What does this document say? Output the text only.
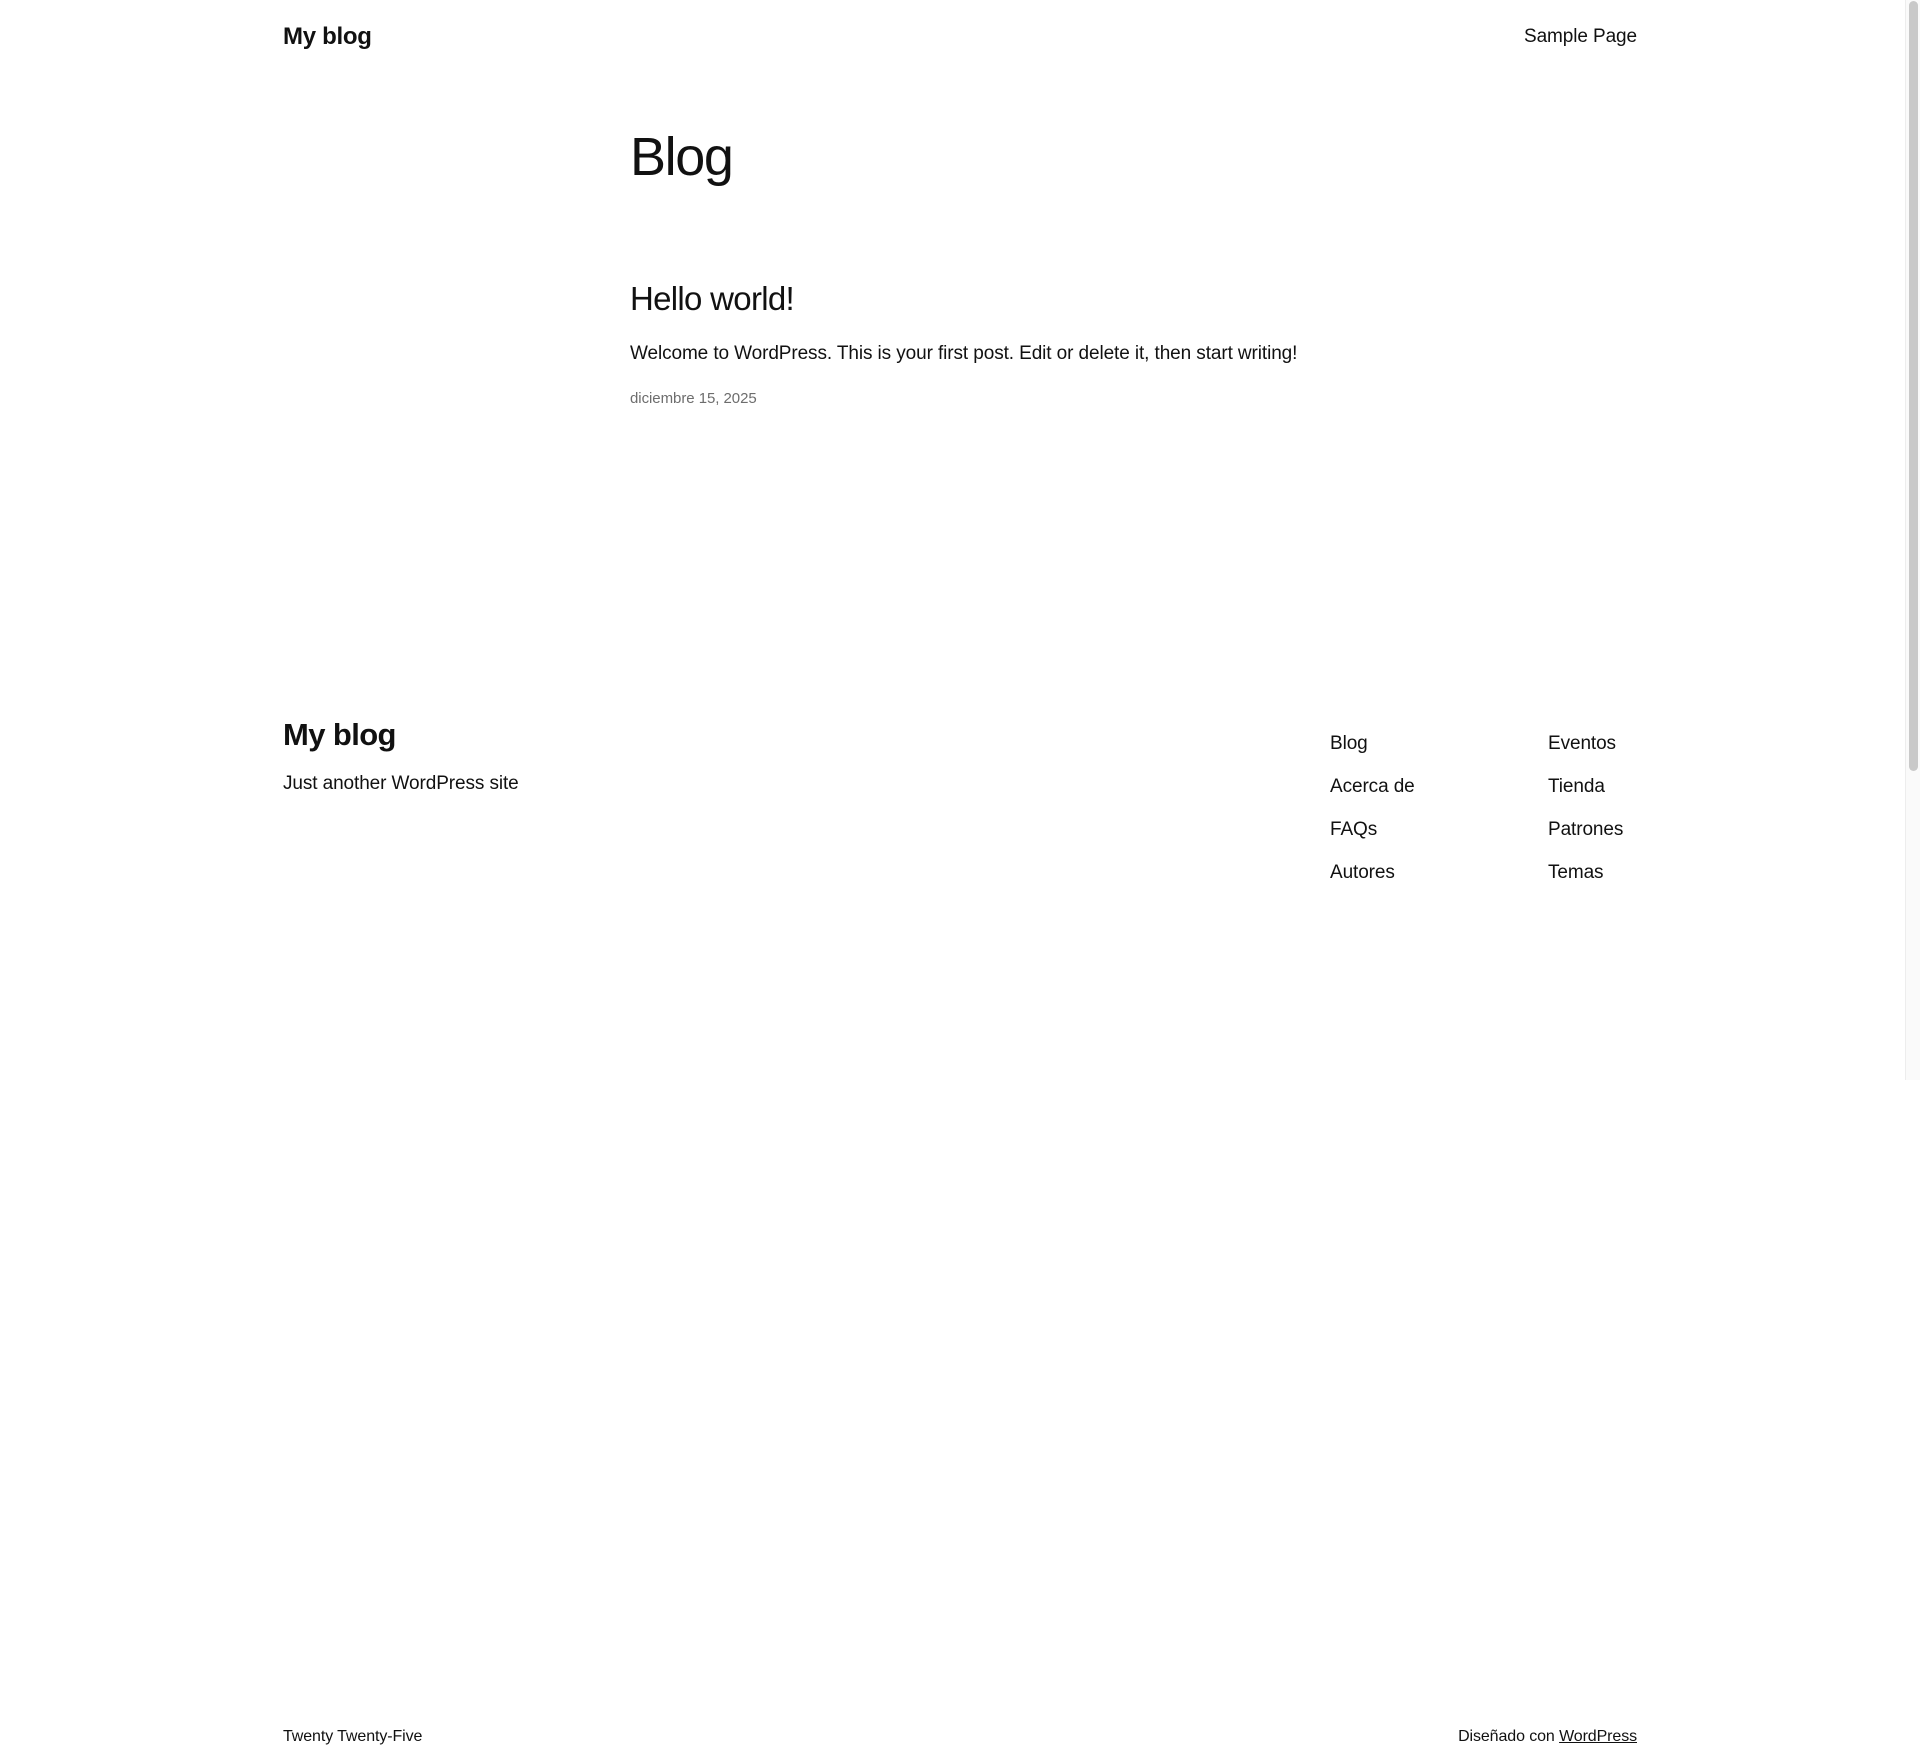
My blog	Sample Page
Blog
Hello world!

Welcome to WordPress. This is your first post. Edit or delete it, then start writing!

diciembre 15, 2025
My blog

Just another WordPress site

Blog
Acerca de
FAQs
Autores
Eventos
Tienda
Patrones
Temas
Twenty Twenty-Five	Diseñado con WordPress
